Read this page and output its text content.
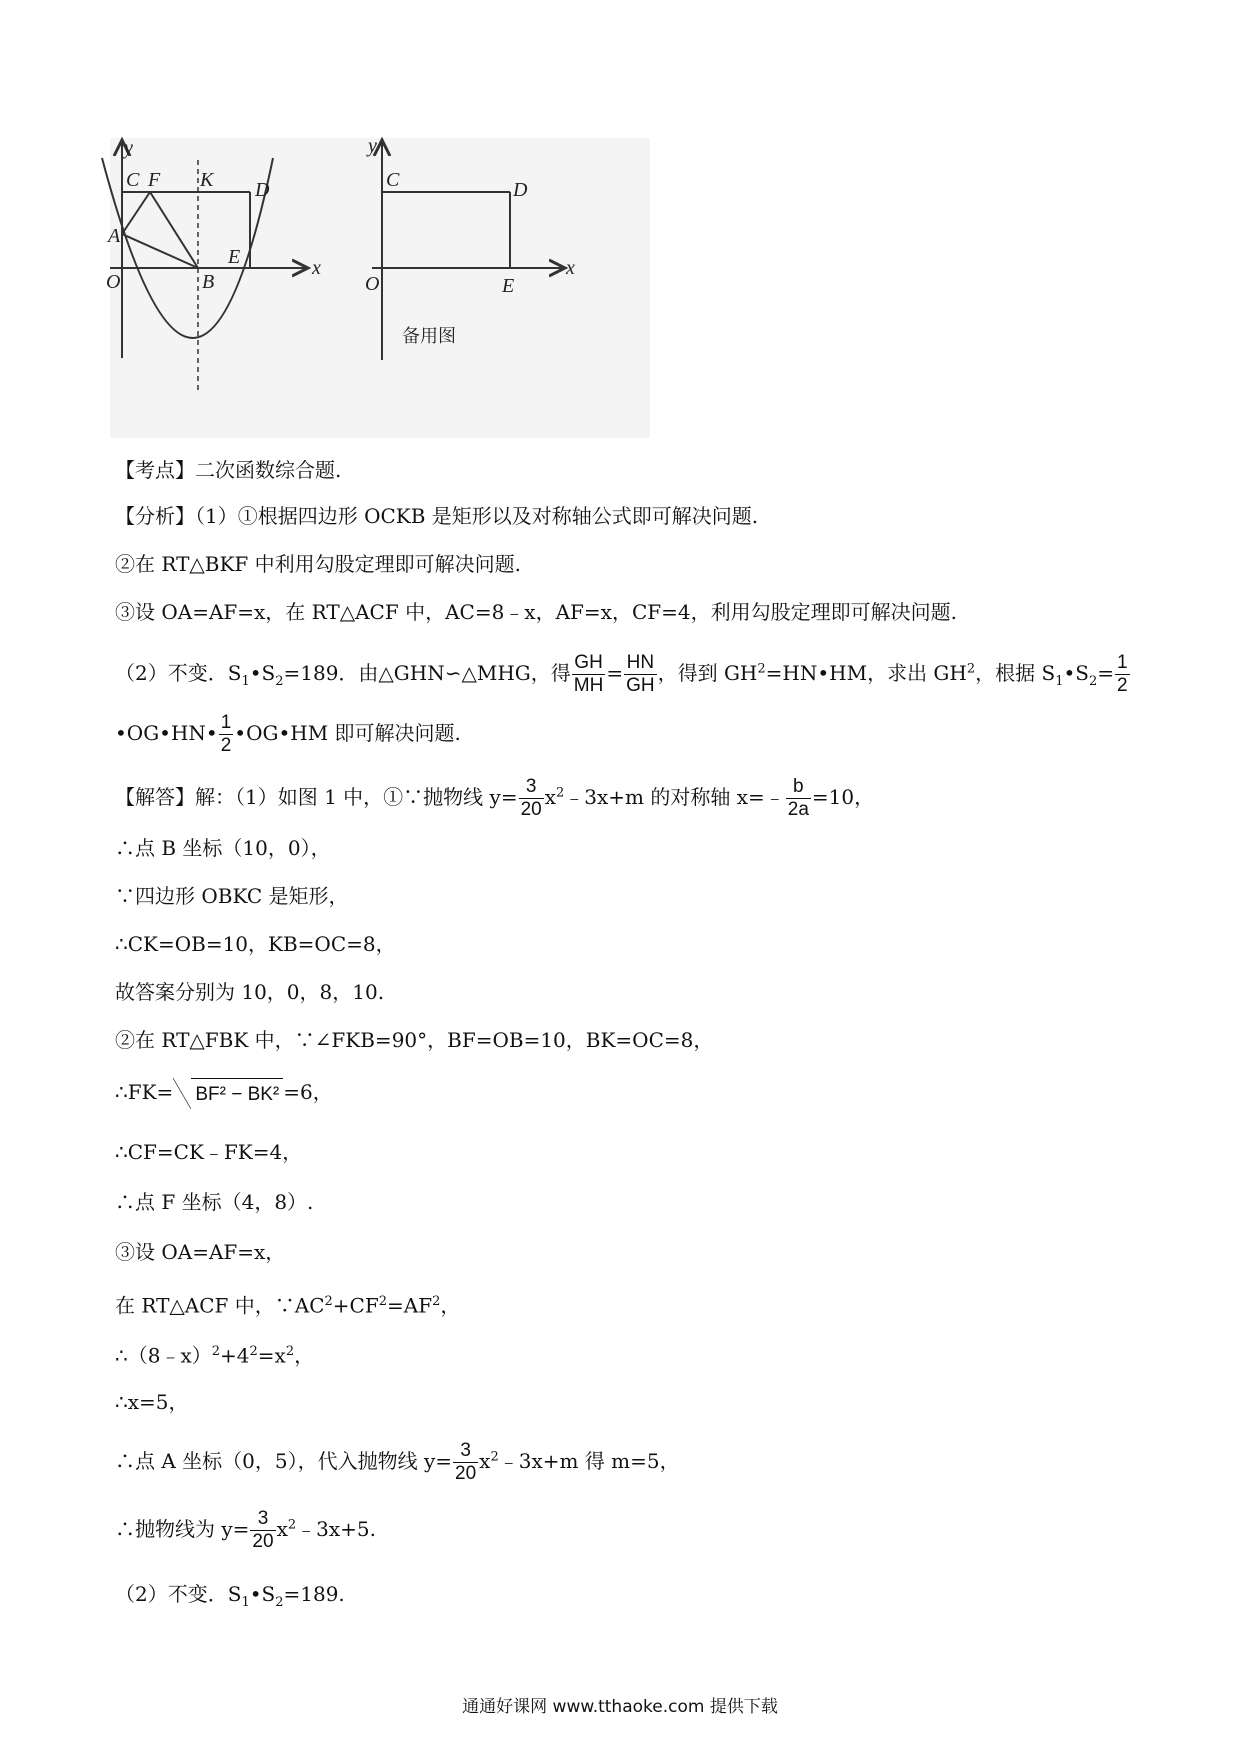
y
x
C F K D
A
E
O	B
y
x
C	D
O	E
备用图
【考点】二次函数综合题.
【分析】（1）①根据四边形 OCKB 是矩形以及对称轴公式即可解决问题.
②在 RT△BKF 中利用勾股定理即可解决问题.
③设 OA=AF=x，在 RT△ACF 中，AC=8﹣x，AF=x，CF=4，利用勾股定理即可解决问题.
（2）不变．$S_1•S_2=189$．由△GHN∽△MHG，得 $\frac{GH}{MH} = \frac{HN}{GH}$ ，得到 $GH^2=HN•HM$，求出 $GH^2$，根据 $S_1•S_2= \frac{1}{2}$
•OG•HN• $\frac{1}{2}$ •OG•HM 即可解决问题.
【解答】解：（1）如图 1 中，①∵抛物线 $y= \frac{3}{20}$ $x^2﹣3x+m$ 的对称轴 x=﹣ $\frac{b}{2a} =10$，
∴点 B 坐标（10，0），
∵四边形 OBKC 是矩形，
∴CK=OB=10，KB=OC=8，
故答案分别为 10，0，8，10.
②在 RT△FBK 中，∵∠FKB=90°，BF=OB=10，BK=OC=8，
∴FK= BF² − BK² =6，
∴CF=CK﹣FK=4，
∴点 F 坐标（4，8）.
③设 OA=AF=x，
在 RT△ACF 中，$\because AC^2+CF^2=AF^2$，
$\therefore(8﹣x)^2+4^2=x^2$，
∴x=5，
∴点 A 坐标（0，5），代入抛物线 $y= \frac{3}{20}$ $x^2﹣3x+m$ 得 m=5，
∴抛物线为 $y= \frac{3}{20}$ $x^2﹣3x+5$.
（2）不变．$S_1•S_2=189$.
通通好课网 www.tthaoke.com 提供下载
